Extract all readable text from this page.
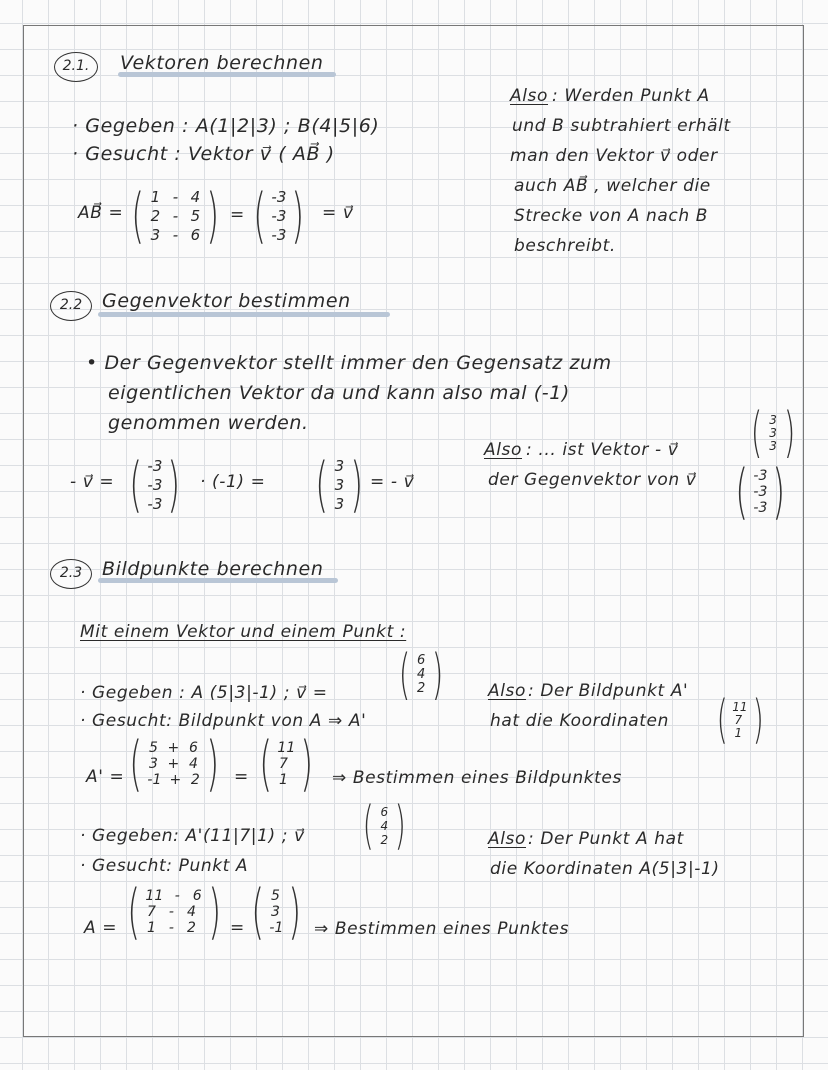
2.1.	Vektoren berechnen
· Gegeben : A(1|2|3) ; B(4|5|6)
· Gesucht : Vektor v⃗ ( AB⃗ )
AB⃗ = ( 1 - 4
2 - 5
3 - 6 ) = ( -3
-3
-3 ) = v⃗
Also : Werden Punkt A
und B subtrahiert erhält
man den Vektor v⃗ oder
auch AB⃗ , welcher die
Strecke von A nach B
beschreibt.
2.2	Gegenvektor bestimmen
• Der Gegenvektor stellt immer den Gegensatz zum
eigentlichen Vektor da und kann also mal (-1)
genommen werden.
- v⃗ = ( -3
-3
-3 ) · (-1) = ( 3
3
3 ) = - v⃗
Also : ... ist Vektor - v⃗
der Gegenvektor von v⃗
( 3
3
3 )
( -3
-3
-3 )
2.3	Bildpunkte berechnen
Mit einem Vektor und einem Punkt :
· Gegeben : A (5|3|-1) ; v⃗ = ( 6
4
2 )
· Gesucht: Bildpunkt von A ⇒ A'
A' = ( 5 + 6
3 + 4
-1 + 2 ) = ( 11
7
1 ) ⇒ Bestimmen eines Bildpunktes
Also : Der Bildpunkt A'
hat die Koordinaten ( 11
7
1 )
· Gegeben: A'(11|7|1) ; v⃗ ( 6
4
2 )
· Gesucht: Punkt A
A = ( 11 - 6
7 - 4
1 - 2 ) = ( 5
3
-1 ) ⇒ Bestimmen eines Punktes
Also : Der Punkt A hat
die Koordinaten A(5|3|-1)
